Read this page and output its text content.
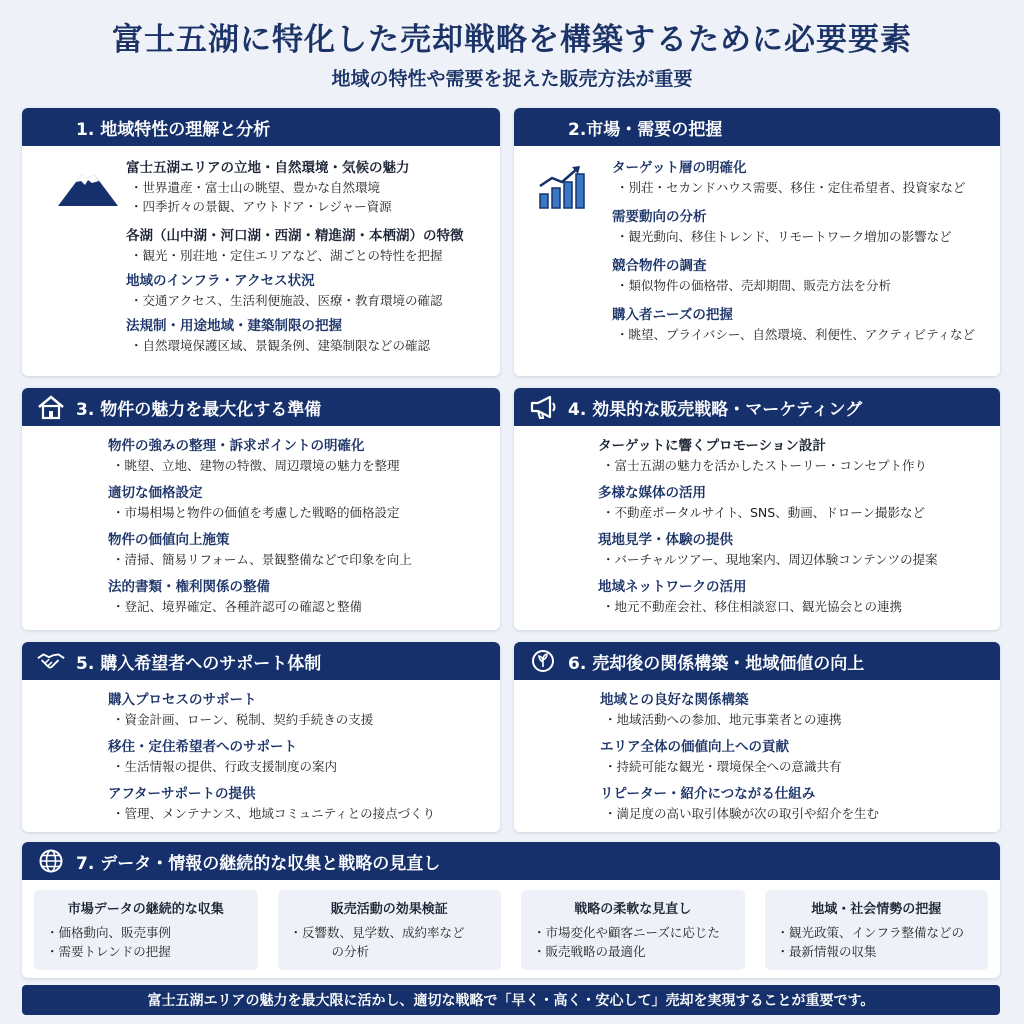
富士五湖に特化した売却戦略を構築するために必要要素
地域の特性や需要を捉えた販売方法が重要
1. 地域特性の理解と分析
富士五湖エリアの立地・自然環境・気候の魅力
・世界遺産・富士山の眺望、豊かな自然環境
・四季折々の景観、アウトドア・レジャー資源
各湖（山中湖・河口湖・西湖・精進湖・本栖湖）の特徴
・観光・別荘地・定住エリアなど、湖ごとの特性を把握
地域のインフラ・アクセス状況
・交通アクセス、生活利便施設、医療・教育環境の確認
法規制・用途地域・建築制限の把握
・自然環境保護区域、景観条例、建築制限などの確認
2.市場・需要の把握
ターゲット層の明確化
・別荘・セカンドハウス需要、移住・定住希望者、投資家など
需要動向の分析
・観光動向、移住トレンド、リモートワーク増加の影響など
競合物件の調査
・類似物件の価格帯、売却期間、販売方法を分析
購入者ニーズの把握
・眺望、プライバシー、自然環境、利便性、アクティビティなど
3. 物件の魅力を最大化する準備
物件の強みの整理・訴求ポイントの明確化
・眺望、立地、建物の特徴、周辺環境の魅力を整理
適切な価格設定
・市場相場と物件の価値を考慮した戦略的価格設定
物件の価値向上施策
・清掃、簡易リフォーム、景観整備などで印象を向上
法的書類・権利関係の整備
・登記、境界確定、各種許認可の確認と整備
4. 効果的な販売戦略・マーケティング
ターゲットに響くプロモーション設計
・富士五湖の魅力を活かしたストーリー・コンセプト作り
多様な媒体の活用
・不動産ポータルサイト、SNS、動画、ドローン撮影など
現地見学・体験の提供
・バーチャルツアー、現地案内、周辺体験コンテンツの提案
地域ネットワークの活用
・地元不動産会社、移住相談窓口、観光協会との連携
5. 購入希望者へのサポート体制
購入プロセスのサポート
・資金計画、ローン、税制、契約手続きの支援
移住・定住希望者へのサポート
・生活情報の提供、行政支援制度の案内
アフターサポートの提供
・管理、メンテナンス、地域コミュニティとの接点づくり
6. 売却後の関係構築・地域価値の向上
地域との良好な関係構築
・地域活動への参加、地元事業者との連携
エリア全体の価値向上への貢献
・持続可能な観光・環境保全への意識共有
リピーター・紹介につながる仕組み
・満足度の高い取引体験が次の取引や紹介を生む
7. データ・情報の継続的な収集と戦略の見直し
市場データの継続的な収集
・価格動向、販売事例
・需要トレンドの把握
販売活動の効果検証
・反響数、見学数、成約率など
の分析
戦略の柔軟な見直し
・市場変化や顧客ニーズに応じた
・販売戦略の最適化
地域・社会情勢の把握
・観光政策、インフラ整備などの
・最新情報の収集
富士五湖エリアの魅力を最大限に活かし、適切な戦略で「早く・高く・安心して」売却を実現することが重要です。
